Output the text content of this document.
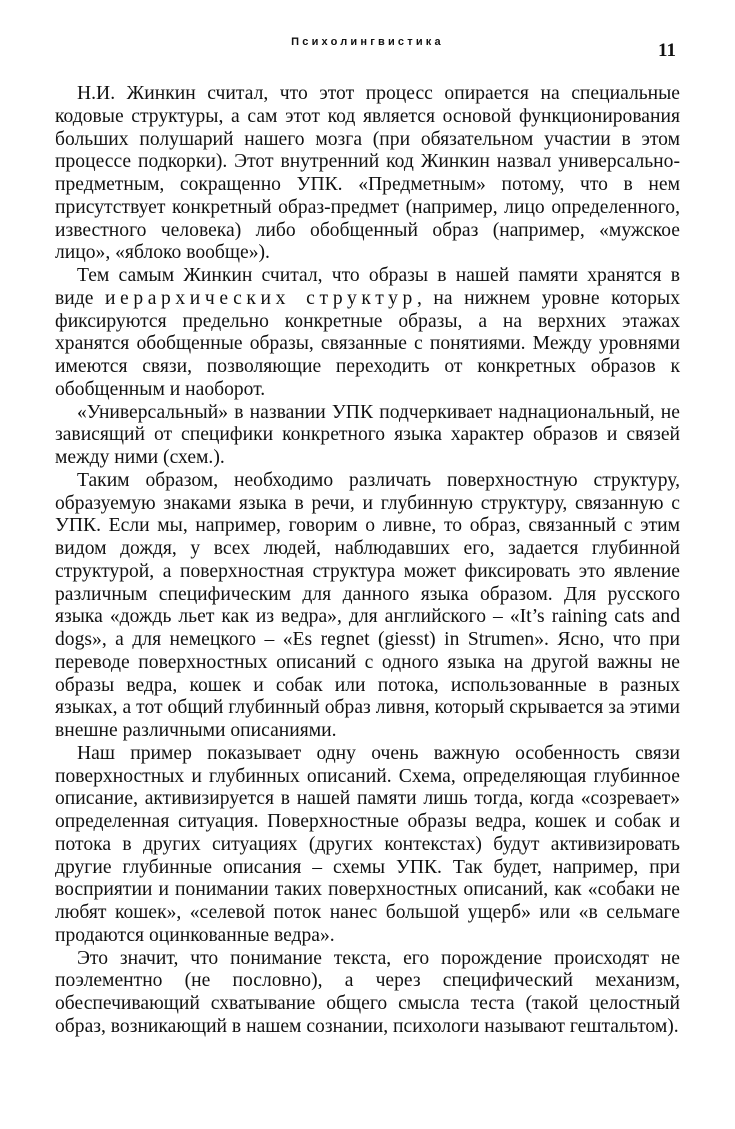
Психолингвистика	11

Н.И. Жинкин считал, что этот процесс опирается на специальные кодовые структуры, а сам этот код является основой функционирования больших полушарий нашего мозга (при обязательном участии в этом процессе подкорки). Этот внутренний код Жинкин назвал универсально-предметным, сокращенно УПК. «Предметным» потому, что в нем присутствует конкретный образ-предмет (например, лицо определенного, известного человека) либо обобщенный образ (например, «мужское лицо», «яблоко вообще»).

Тем самым Жинкин считал, что образы в нашей памяти хранятся в виде иерархических структур, на нижнем уровне которых фиксируются предельно конкретные образы, а на верхних этажах хранятся обобщенные образы, связанные с понятиями. Между уровнями имеются связи, позволяющие переходить от конкретных образов к обобщенным и наоборот.

«Универсальный» в названии УПК подчеркивает наднациональный, не зависящий от специфики конкретного языка характер образов и связей между ними (схем.).

Таким образом, необходимо различать поверхностную структуру, образуемую знаками языка в речи, и глубинную структуру, связанную с УПК. Если мы, например, говорим о ливне, то образ, связанный с этим видом дождя, у всех людей, наблюдавших его, задается глубинной структурой, а поверхностная структура может фиксировать это явление различным специфическим для данного языка образом. Для русского языка «дождь льет как из ведра», для английского – «It’s raining cats and dogs», а для немецкого – «Es regnet (giesst) in Strumen». Ясно, что при переводе поверхностных описаний с одного языка на другой важны не образы ведра, кошек и собак или потока, использованные в разных языках, а тот общий глубинный образ ливня, который скрывается за этими внешне различными описаниями.

Наш пример показывает одну очень важную особенность связи поверхностных и глубинных описаний. Схема, определяющая глубинное описание, активизируется в нашей памяти лишь тогда, когда «созревает» определенная ситуация. Поверхностные образы ведра, кошек и собак и потока в других ситуациях (других контекстах) будут активизировать другие глубинные описания – схемы УПК. Так будет, например, при восприятии и понимании таких поверхностных описаний, как «собаки не любят кошек», «селевой поток нанес большой ущерб» или «в сельмаге продаются оцинкованные ведра».

Это значит, что понимание текста, его порождение происходят не поэлементно (не пословно), а через специфический механизм, обеспечивающий схватывание общего смысла теста (такой целостный образ, возникающий в нашем сознании, психологи называют гештальтом).
